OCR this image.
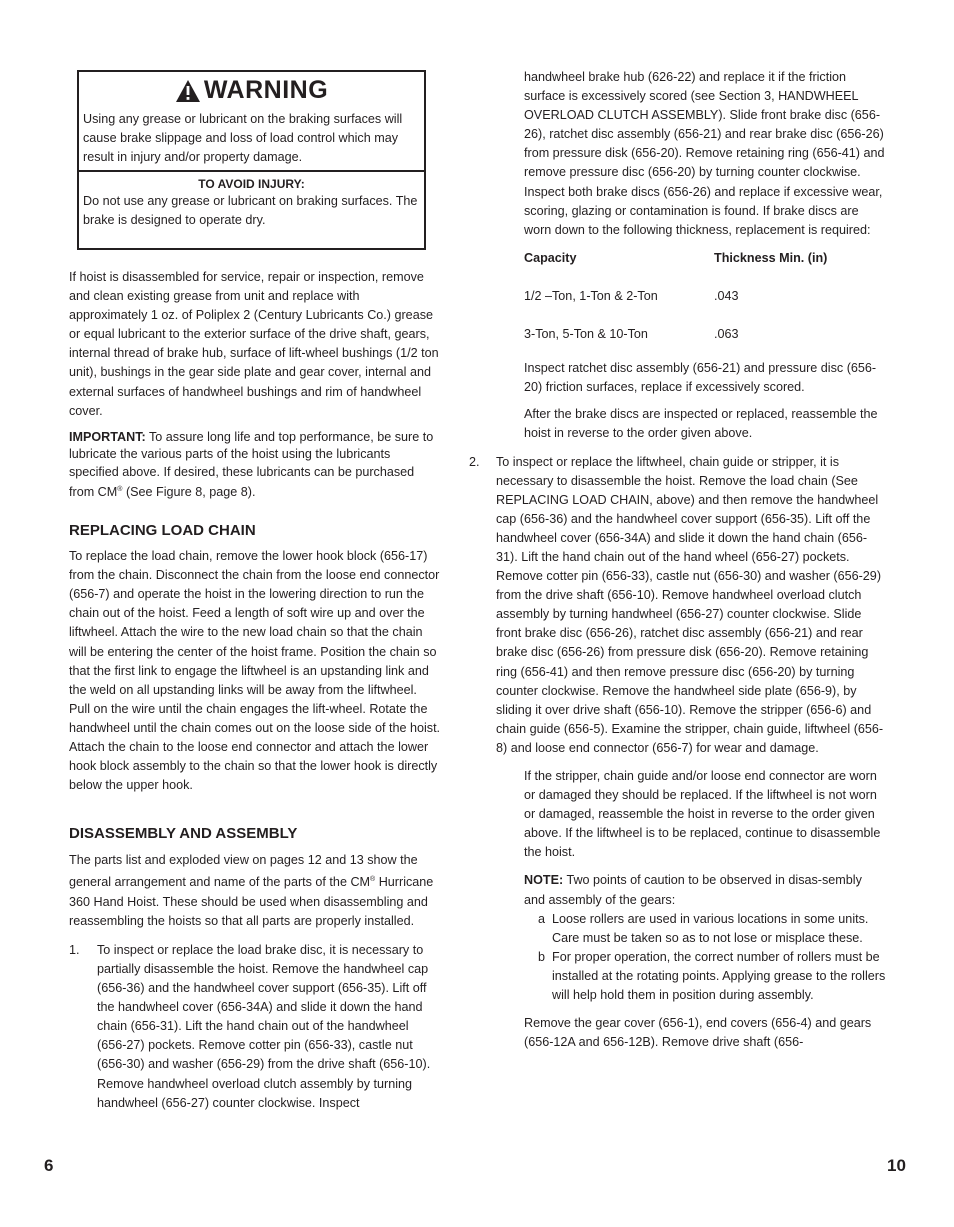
WARNING
Using any grease or lubricant on the braking surfaces will cause brake slippage and loss of load control which may result in injury and/or property damage.
TO AVOID INJURY:
Do not use any grease or lubricant on braking surfaces. The brake is designed to operate dry.

If hoist is disassembled for service, repair or inspection, remove and clean existing grease from unit and replace with approximately 1 oz. of Poliplex 2 (Century Lubricants Co.) grease or equal lubricant to the exterior surface of the drive shaft, gears, internal thread of brake hub, surface of lift-wheel bushings (1/2 ton unit), bushings in the gear side plate and gear cover, internal and external surfaces of handwheel bushings and rim of handwheel cover.

IMPORTANT: To assure long life and top performance, be sure to lubricate the various parts of the hoist using the lubricants specified above. If desired, these lubricants can be purchased from CM® (See Figure 8, page 8).

REPLACING LOAD CHAIN

To replace the load chain, remove the lower hook block (656-17) from the chain. Disconnect the chain from the loose end connector (656-7) and operate the hoist in the lowering direction to run the chain out of the hoist. Feed a length of soft wire up and over the liftwheel. Attach the wire to the new load chain so that the chain will be entering the center of the hoist frame. Position the chain so that the first link to engage the liftwheel is an upstanding link and the weld on all upstanding links will be away from the liftwheel. Pull on the wire until the chain engages the lift-wheel. Rotate the handwheel until the chain comes out on the loose side of the hoist. Attach the chain to the loose end connector and attach the lower hook block assembly to the chain so that the lower hook is directly below the upper hook.

DISASSEMBLY AND ASSEMBLY

The parts list and exploded view on pages 12 and 13 show the general arrangement and name of the parts of the CM® Hurricane 360 Hand Hoist. These should be used when disassembling and reassembling the hoists so that all parts are properly installed.

1. To inspect or replace the load brake disc, it is necessary to partially disassemble the hoist. Remove the handwheel cap (656-36) and the handwheel cover support (656-35). Lift off the handwheel cover (656-34A) and slide it down the hand chain (656-31). Lift the hand chain out of the handwheel (656-27) pockets. Remove cotter pin (656-33), castle nut (656-30) and washer (656-29) from the drive shaft (656-10). Remove handwheel overload clutch assembly by turning handwheel (656-27) counter clockwise. Inspect

handwheel brake hub (626-22) and replace it if the friction surface is excessively scored (see Section 3, HANDWHEEL OVERLOAD CLUTCH ASSEMBLY). Slide front brake disc (656-26), ratchet disc assembly (656-21) and rear brake disc (656-26) from pressure disk (656-20). Remove retaining ring (656-41) and remove pressure disc (656-20) by turning counter clockwise. Inspect both brake discs (656-26) and replace if excessive wear, scoring, glazing or contamination is found. If brake discs are worn down to the following thickness, replacement is required:

Capacity	Thickness Min. (in)
1/2 –Ton, 1-Ton & 2-Ton	.043
3-Ton, 5-Ton & 10-Ton	.063

Inspect ratchet disc assembly (656-21) and pressure disc (656-20) friction surfaces, replace if excessively scored.

After the brake discs are inspected or replaced, reassemble the hoist in reverse to the order given above.

2. To inspect or replace the liftwheel, chain guide or stripper, it is necessary to disassemble the hoist. Remove the load chain (See REPLACING LOAD CHAIN, above) and then remove the handwheel cap (656-36) and the handwheel cover support (656-35). Lift off the handwheel cover (656-34A) and slide it down the hand chain (656-31). Lift the hand chain out of the hand wheel (656-27) pockets. Remove cotter pin (656-33), castle nut (656-30) and washer (656-29) from the drive shaft (656-10). Remove handwheel overload clutch assembly by turning handwheel (656-27) counter clockwise. Slide front brake disc (656-26), ratchet disc assembly (656-21) and rear brake disc (656-26) from pressure disk (656-20). Remove retaining ring (656-41) and then remove pressure disc (656-20) by turning counter clockwise. Remove the handwheel side plate (656-9), by sliding it over drive shaft (656-10). Remove the stripper (656-6) and chain guide (656-5). Examine the stripper, chain guide, liftwheel (656-8) and loose end connector (656-7) for wear and damage.

If the stripper, chain guide and/or loose end connector are worn or damaged they should be replaced. If the liftwheel is not worn or damaged, reassemble the hoist in reverse to the order given above. If the liftwheel is to be replaced, continue to disassemble the hoist.

NOTE: Two points of caution to be observed in disas-sembly and assembly of the gears:

a Loose rollers are used in various locations in some units. Care must be taken so as to not lose or misplace these.

b For proper operation, the correct number of rollers must be installed at the rotating points. Applying grease to the rollers will help hold them in position during assembly.

Remove the gear cover (656-1), end covers (656-4) and gears (656-12A and 656-12B). Remove drive shaft (656-

6	10
